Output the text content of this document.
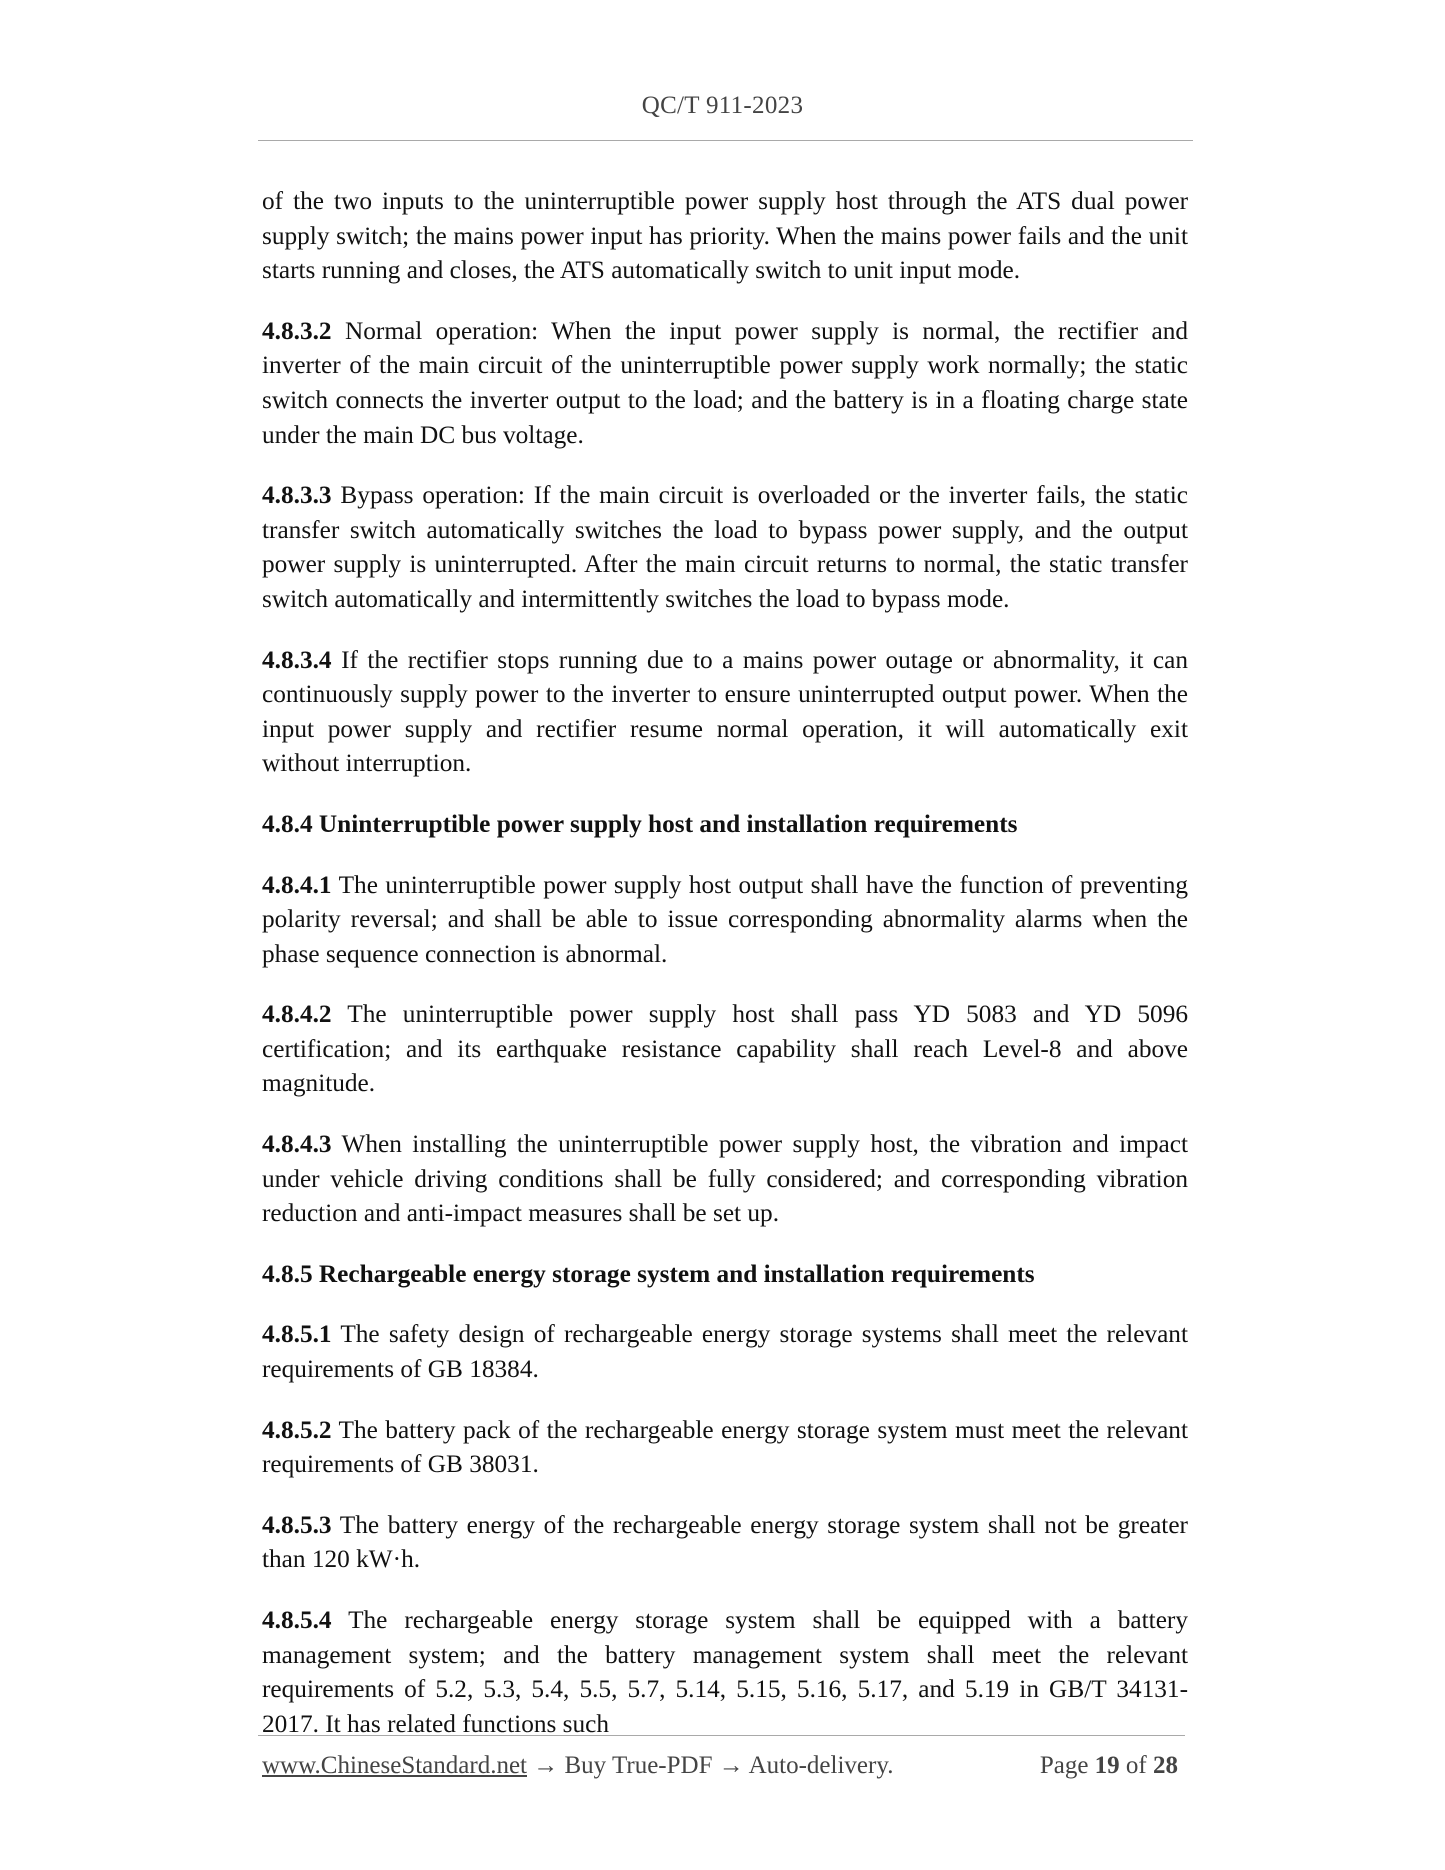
QC/T 911-2023

of the two inputs to the uninterruptible power supply host through the ATS dual power supply switch; the mains power input has priority. When the mains power fails and the unit starts running and closes, the ATS automatically switch to unit input mode.

4.8.3.2 Normal operation: When the input power supply is normal, the rectifier and inverter of the main circuit of the uninterruptible power supply work normally; the static switch connects the inverter output to the load; and the battery is in a floating charge state under the main DC bus voltage.

4.8.3.3 Bypass operation: If the main circuit is overloaded or the inverter fails, the static transfer switch automatically switches the load to bypass power supply, and the output power supply is uninterrupted. After the main circuit returns to normal, the static transfer switch automatically and intermittently switches the load to bypass mode.

4.8.3.4 If the rectifier stops running due to a mains power outage or abnormality, it can continuously supply power to the inverter to ensure uninterrupted output power. When the input power supply and rectifier resume normal operation, it will automatically exit without interruption.

4.8.4 Uninterruptible power supply host and installation requirements

4.8.4.1 The uninterruptible power supply host output shall have the function of preventing polarity reversal; and shall be able to issue corresponding abnormality alarms when the phase sequence connection is abnormal.

4.8.4.2 The uninterruptible power supply host shall pass YD 5083 and YD 5096 certification; and its earthquake resistance capability shall reach Level-8 and above magnitude.

4.8.4.3 When installing the uninterruptible power supply host, the vibration and impact under vehicle driving conditions shall be fully considered; and corresponding vibration reduction and anti-impact measures shall be set up.

4.8.5 Rechargeable energy storage system and installation requirements

4.8.5.1 The safety design of rechargeable energy storage systems shall meet the relevant requirements of GB 18384.

4.8.5.2 The battery pack of the rechargeable energy storage system must meet the relevant requirements of GB 38031.

4.8.5.3 The battery energy of the rechargeable energy storage system shall not be greater than 120 kW·h.

4.8.5.4 The rechargeable energy storage system shall be equipped with a battery management system; and the battery management system shall meet the relevant requirements of 5.2, 5.3, 5.4, 5.5, 5.7, 5.14, 5.15, 5.16, 5.17, and 5.19 in GB/T 34131-2017. It has related functions such

www.ChineseStandard.net → Buy True-PDF → Auto-delivery.	Page 19 of 28
